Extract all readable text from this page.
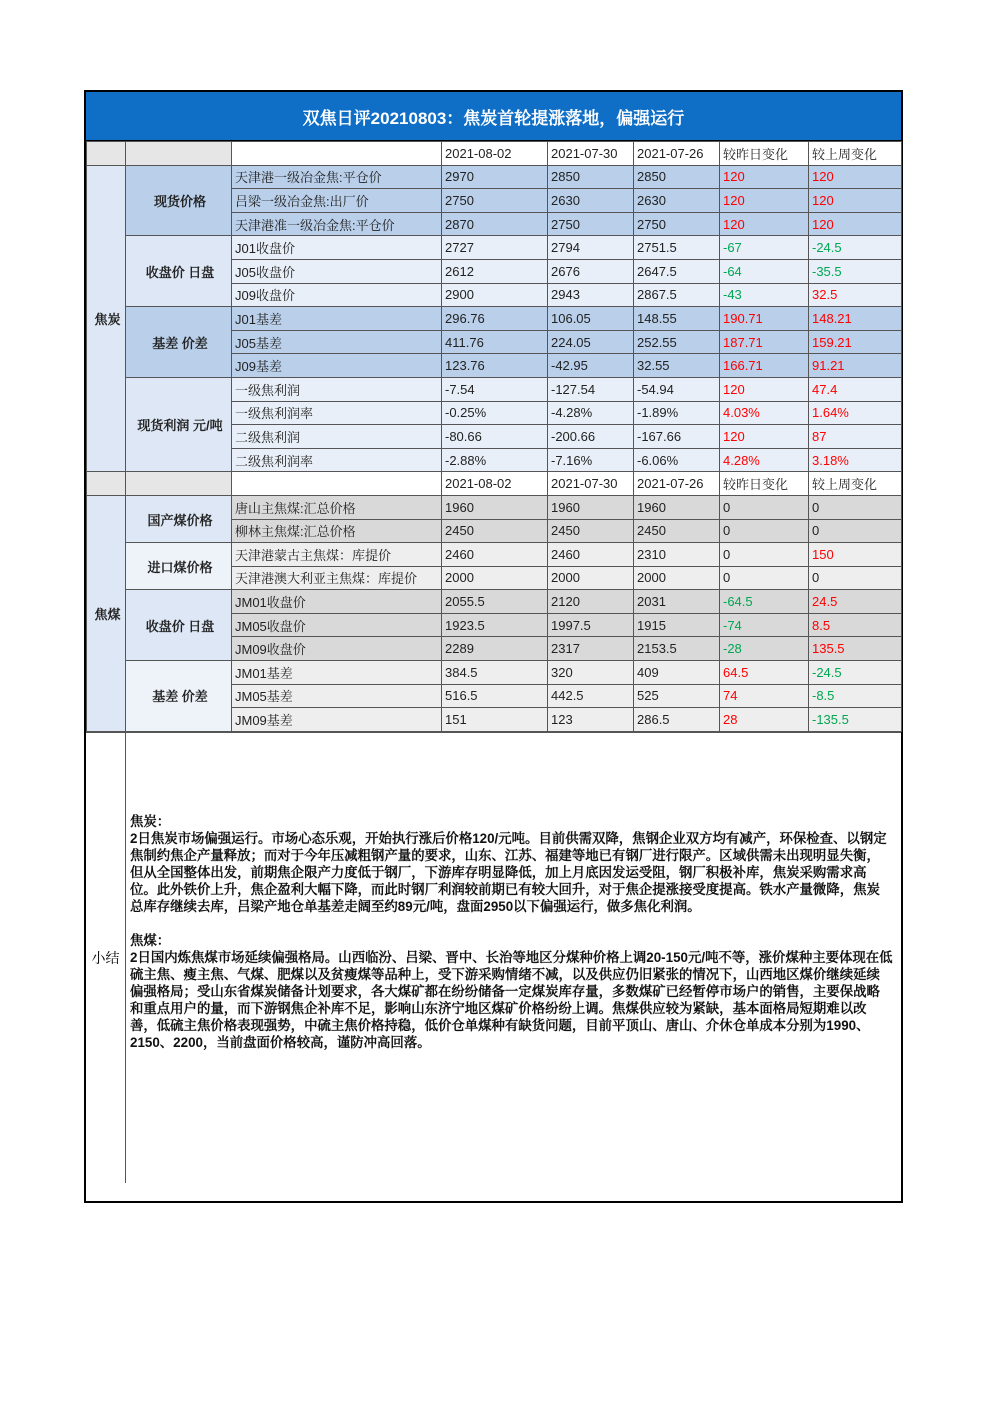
双焦日评20210803：焦炭首轮提涨落地，偏强运行
			2021-08-02	2021-07-30	2021-07-26	较昨日变化	较上周变化
焦炭	现货价格	天津港一级冶金焦:平仓价	2970	2850	2850	120	120
		吕梁一级冶金焦:出厂价	2750	2630	2630	120	120
		天津港准一级冶金焦:平仓价	2870	2750	2750	120	120
	收盘价 日盘	J01收盘价	2727	2794	2751.5	-67	-24.5
		J05收盘价	2612	2676	2647.5	-64	-35.5
		J09收盘价	2900	2943	2867.5	-43	32.5
	基差 价差	J01基差	296.76	106.05	148.55	190.71	148.21
		J05基差	411.76	224.05	252.55	187.71	159.21
		J09基差	123.76	-42.95	32.55	166.71	91.21
	现货利润 元/吨	一级焦利润	-7.54	-127.54	-54.94	120	47.4
		一级焦利润率	-0.25%	-4.28%	-1.89%	4.03%	1.64%
		二级焦利润	-80.66	-200.66	-167.66	120	87
		二级焦利润率	-2.88%	-7.16%	-6.06%	4.28%	3.18%
			2021-08-02	2021-07-30	2021-07-26	较昨日变化	较上周变化
焦煤	国产煤价格	唐山主焦煤:汇总价格	1960	1960	1960	0	0
		柳林主焦煤:汇总价格	2450	2450	2450	0	0
	进口煤价格	天津港蒙古主焦煤：库提价	2460	2460	2310	0	150
		天津港澳大利亚主焦煤：库提价	2000	2000	2000	0	0
	收盘价 日盘	JM01收盘价	2055.5	2120	2031	-64.5	24.5
		JM05收盘价	1923.5	1997.5	1915	-74	8.5
		JM09收盘价	2289	2317	2153.5	-28	135.5
	基差 价差	JM01基差	384.5	320	409	64.5	-24.5
		JM05基差	516.5	442.5	525	74	-8.5
		JM09基差	151	123	286.5	28	-135.5
小结

焦炭：

2日焦炭市场偏强运行。市场心态乐观，开始执行涨后价格120/元吨。目前供需双降，焦钢企业双方均有减产，环保检查、以钢定焦制约焦企产量释放；而对于今年压减粗钢产量的要求，山东、江苏、福建等地已有钢厂进行限产。区域供需未出现明显失衡，但从全国整体出发，前期焦企限产力度低于钢厂，下游库存明显降低，加上月底因发运受阻，钢厂积极补库，焦炭采购需求高位。此外铁价上升，焦企盈利大幅下降，而此时钢厂利润较前期已有较大回升，对于焦企提涨接受度提高。铁水产量微降，焦炭总库存继续去库，吕梁产地仓单基差走阔至约89元/吨，盘面2950以下偏强运行，做多焦化利润。

焦煤：

2日国内炼焦煤市场延续偏强格局。山西临汾、吕梁、晋中、长治等地区分煤种价格上调20-150元/吨不等，涨价煤种主要体现在低硫主焦、瘦主焦、气煤、肥煤以及贫瘦煤等品种上，受下游采购情绪不减，以及供应仍旧紧张的情况下，山西地区煤价继续延续偏强格局；受山东省煤炭储备计划要求，各大煤矿都在纷纷储备一定煤炭库存量，多数煤矿已经暂停市场户的销售，主要保战略和重点用户的量，而下游钢焦企补库不足，影响山东济宁地区煤矿价格纷纷上调。焦煤供应较为紧缺，基本面格局短期难以改善，低硫主焦价格表现强势，中硫主焦价格持稳，低价仓单煤种有缺货问题，目前平顶山、唐山、介休仓单成本分别为1990、2150、2200，当前盘面价格较高，谨防冲高回落。
